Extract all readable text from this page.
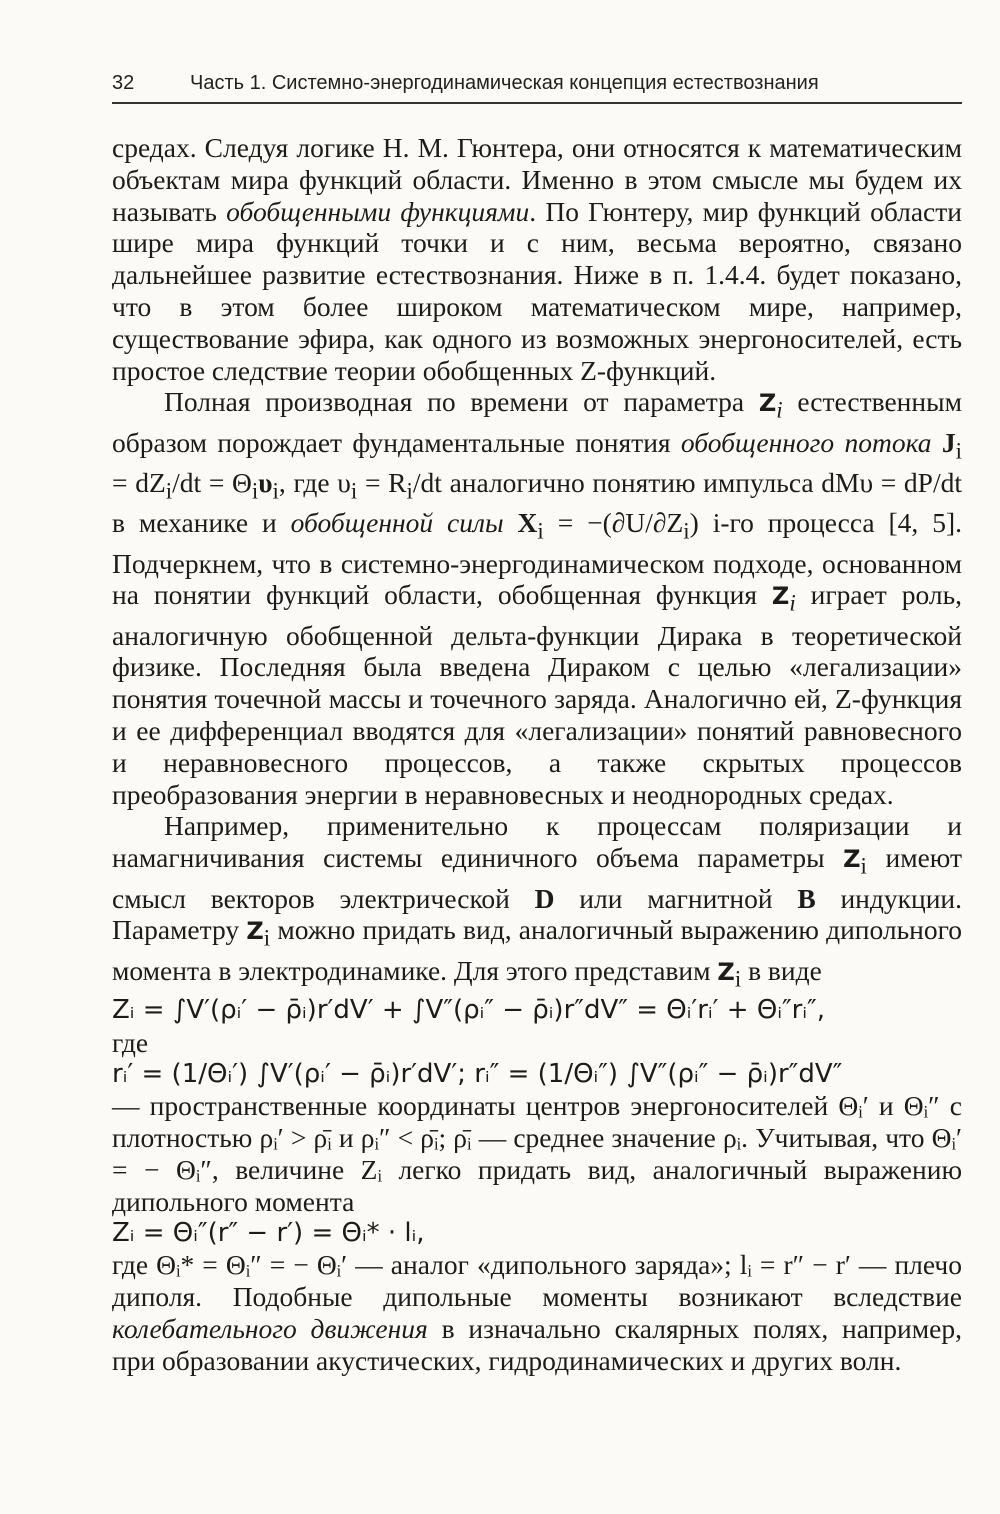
32	Часть 1. Системно-энергодинамическая концепция естествознания

средах. Следуя логике Н. М. Гюнтера, они относятся к математическим объектам мира функций области. Именно в этом смысле мы будем их называть обобщенными функциями. По Гюнтеру, мир функций области шире мира функций точки и с ним, весьма вероятно, связано дальнейшее развитие естествознания. Ниже в п. 1.4.4. будет показано, что в этом более широком математическом мире, например, существование эфира, как одного из возможных энергоносителей, есть простое следствие теории обобщенных Z-функций.

Полная производная по времени от параметра $Z_i$ естественным образом порождает фундаментальные понятия обобщенного потока $J_i = dZ_i/dt = \Theta_i\upsilon_i$, где $\upsilon_i = R_i/dt$ аналогично понятию импульса dMυ = dP/dt в механике и обобщенной силы $X_i = -(\partial U/\partial Z_i)$ i-го процесса [4, 5]. Подчеркнем, что в системно-энергодинамическом подходе, основанном на понятии функций области, обобщенная функция $Z_i$ играет роль, аналогичную обобщенной дельта-функции Дирака в теоретической физике. Последняя была введена Дираком с целью «легализации» понятия точечной массы и точечного заряда. Аналогично ей, Z-функция и ее дифференциал вводятся для «легализации» понятий равновесного и неравновесного процессов, а также скрытых процессов преобразования энергии в неравновесных и неоднородных средах.

Например, применительно к процессам поляризации и намагничивания системы единичного объема параметры $Z_i$ имеют смысл векторов электрической D или магнитной B индукции. Параметру $Z_i$ можно придать вид, аналогичный выражению дипольного момента в электродинамике. Для этого представим $Z_i$ в виде

Zᵢ = ∫V′(ρᵢ′ − ρ̄ᵢ)r′dV′ + ∫V″(ρᵢ″ − ρ̄ᵢ)r″dV″ = Θᵢ′rᵢ′ + Θᵢ″rᵢ″,

где

rᵢ′ = (1/Θᵢ′) ∫V′(ρᵢ′ − ρ̄ᵢ)r′dV′; rᵢ″ = (1/Θᵢ″) ∫V″(ρᵢ″ − ρ̄ᵢ)r″dV″

— пространственные координаты центров энергоносителей Θᵢ′ и Θᵢ″ с плотностью ρᵢ′ > ρ̄ᵢ и ρᵢ″ < ρ̄ᵢ; ρ̄ᵢ — среднее значение ρᵢ. Учитывая, что Θᵢ′ = − Θᵢ″, величине Zᵢ легко придать вид, аналогичный выражению дипольного момента

Zᵢ = Θᵢ″(r″ − r′) = Θᵢ* · lᵢ,

где Θᵢ* = Θᵢ″ = − Θᵢ′ — аналог «дипольного заряда»; lᵢ = r″ − r′ — плечо диполя. Подобные дипольные моменты возникают вследствие колебательного движения в изначально скалярных полях, например, при образовании акустических, гидродинамических и других волн.
